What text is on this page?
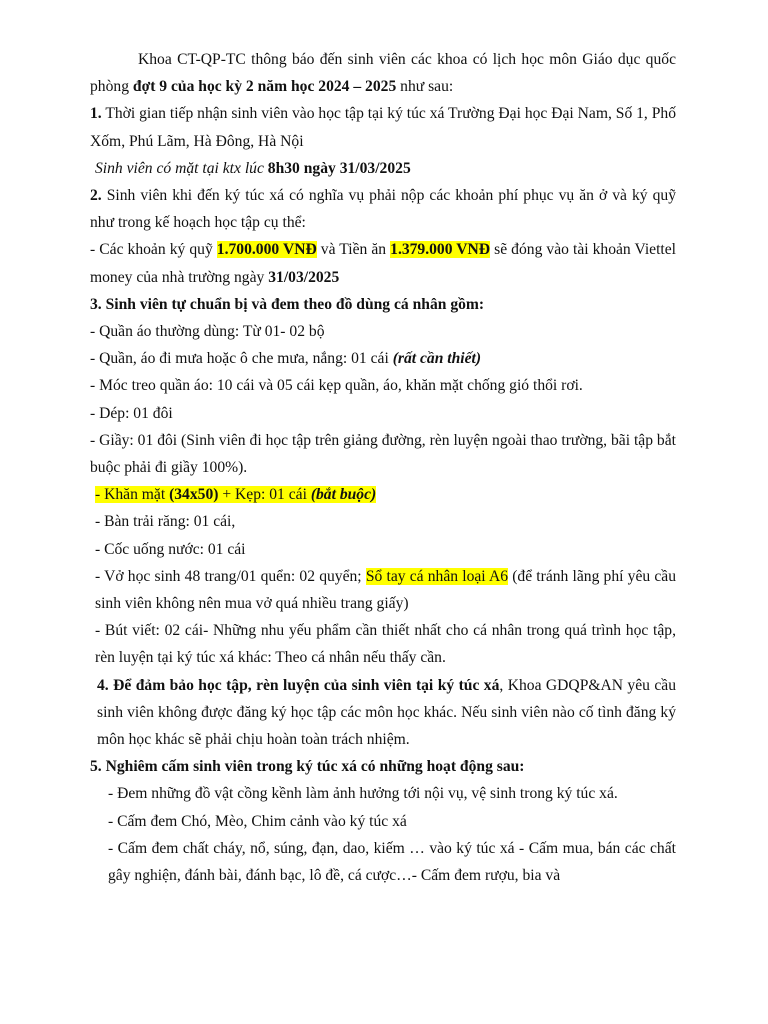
Khoa CT-QP-TC thông báo đến sinh viên các khoa có lịch học môn Giáo dục quốc phòng đợt 9 của học kỳ 2 năm học 2024 – 2025 như sau:

1. Thời gian tiếp nhận sinh viên vào học tập tại ký túc xá Trường Đại học Đại Nam, Số 1, Phố Xốm, Phú Lãm, Hà Đông, Hà Nội

Sinh viên có mặt tại ktx lúc 8h30 ngày 31/03/2025

2. Sinh viên khi đến ký túc xá có nghĩa vụ phải nộp các khoản phí phục vụ ăn ở và ký quỹ như trong kế hoạch học tập cụ thể:

- Các khoản ký quỹ 1.700.000 VNĐ và Tiền ăn 1.379.000 VNĐ sẽ đóng vào tài khoản Viettel money của nhà trường ngày 31/03/2025

3. Sinh viên tự chuẩn bị và đem theo đồ dùng cá nhân gồm:

- Quần áo thường dùng: Từ 01- 02 bộ

- Quần, áo đi mưa hoặc ô che mưa, nắng: 01 cái (rất cần thiết)

- Móc treo quần áo: 10 cái và 05 cái kẹp quần, áo, khăn mặt chống gió thổi rơi.

- Dép: 01 đôi

- Giầy: 01 đôi (Sinh viên đi học tập trên giảng đường, rèn luyện ngoài thao trường, bãi tập bắt buộc phải đi giầy 100%).

- Khăn mặt (34x50) + Kẹp: 01 cái (bắt buộc)

- Bàn trải răng: 01 cái,

- Cốc uống nước: 01 cái

- Vở học sinh 48 trang/01 quển: 02 quyển; Sổ tay cá nhân loại A6 (để tránh lãng phí yêu cầu sinh viên không nên mua vở quá nhiều trang giấy)

- Bút viết: 02 cái- Những nhu yếu phẩm cần thiết nhất cho cá nhân trong quá trình học tập, rèn luyện tại ký túc xá khác: Theo cá nhân nếu thấy cần.

4. Để đảm bảo học tập, rèn luyện của sinh viên tại ký túc xá, Khoa GDQP&AN yêu cầu sinh viên không được đăng ký học tập các môn học khác. Nếu sinh viên nào cố tình đăng ký môn học khác sẽ phải chịu hoàn toàn trách nhiệm.

5. Nghiêm cấm sinh viên trong ký túc xá có những hoạt động sau:

- Đem những đồ vật cồng kềnh làm ảnh hưởng tới nội vụ, vệ sinh trong ký túc xá.

- Cấm đem Chó, Mèo, Chim cảnh vào ký túc xá

- Cấm đem chất cháy, nổ, súng, đạn, dao, kiếm … vào ký túc xá - Cấm mua, bán các chất gây nghiện, đánh bài, đánh bạc, lô đề, cá cược…- Cấm đem rượu, bia và
